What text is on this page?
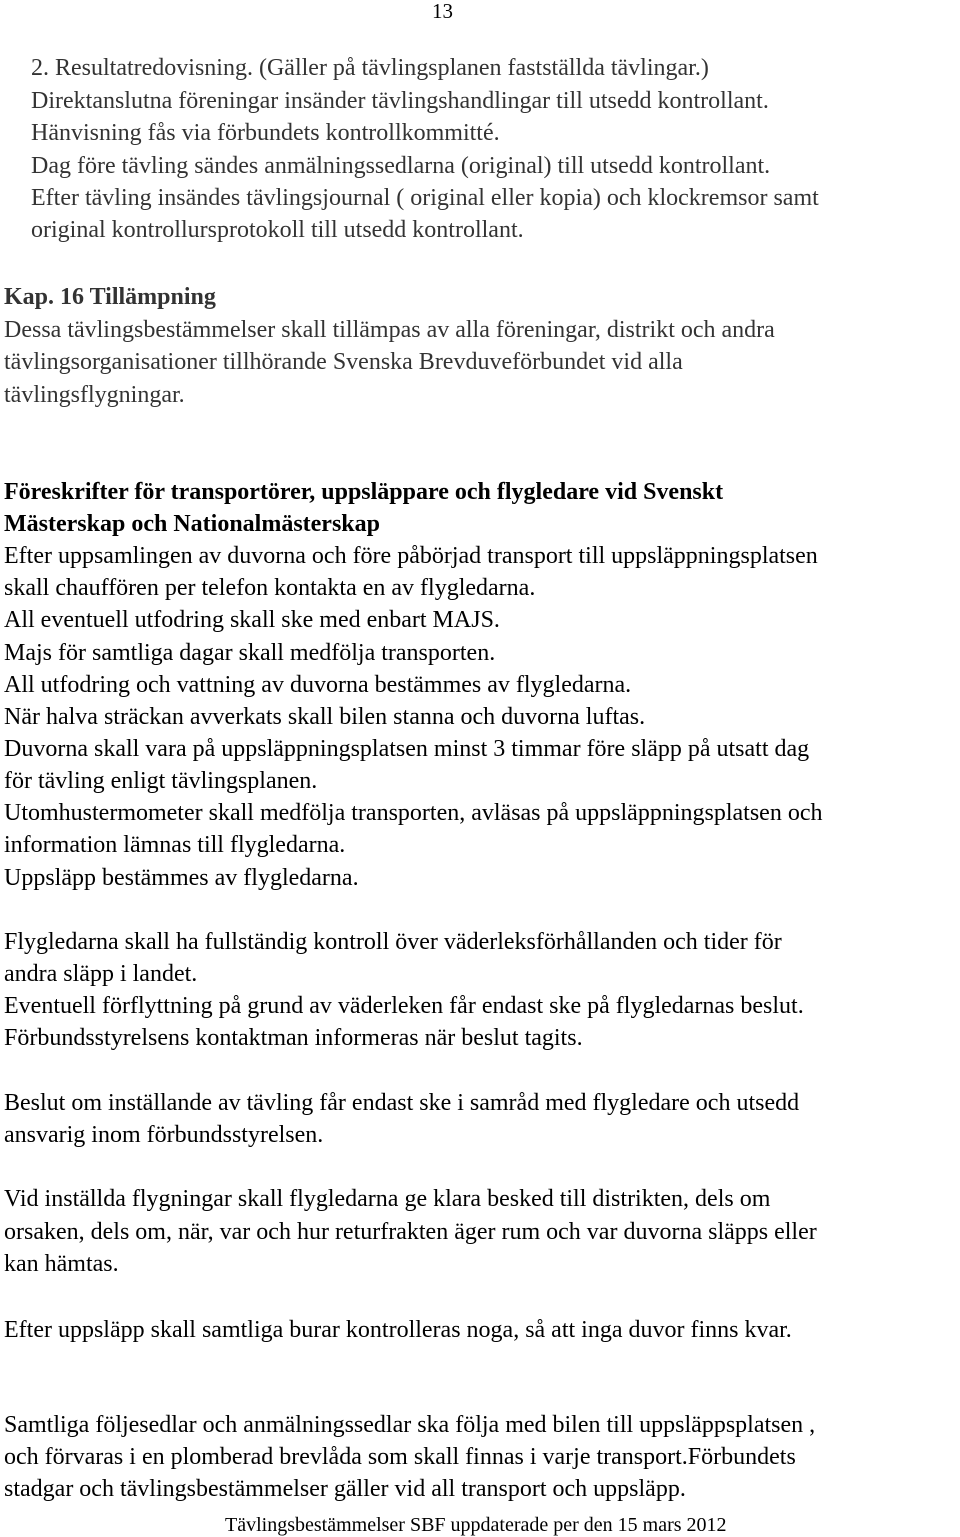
13
2. Resultatredovisning. (Gäller på tävlingsplanen fastställda tävlingar.)
Direktanslutna föreningar insänder tävlingshandlingar till utsedd kontrollant.
Hänvisning fås via förbundets kontrollkommitté.
Dag före tävling sändes anmälningssedlarna (original) till utsedd kontrollant.
Efter tävling insändes tävlingsjournal ( original eller kopia) och klockremsor samt
original kontrollursprotokoll till utsedd kontrollant.
Kap. 16 Tillämpning
Dessa tävlingsbestämmelser skall tillämpas av alla föreningar, distrikt och andra
tävlingsorganisationer tillhörande Svenska Brevduveförbundet vid alla
tävlingsflygningar.
Föreskrifter för transportörer, uppsläppare och flygledare vid Svenskt
Mästerskap och Nationalmästerskap
Efter uppsamlingen av duvorna och före påbörjad transport till uppsläppningsplatsen
skall chauffören per telefon kontakta en av flygledarna.
All eventuell utfodring skall ske med enbart MAJS.
Majs för samtliga dagar skall medfölja transporten.
All utfodring och vattning av duvorna bestämmes av flygledarna.
När halva sträckan avverkats skall bilen stanna och duvorna luftas.
Duvorna skall vara på uppsläppningsplatsen minst 3 timmar före släpp på utsatt dag
för tävling enligt tävlingsplanen.
Utomhustermometer skall medfölja transporten, avläsas på uppsläppningsplatsen och
information lämnas till flygledarna.
Uppsläpp bestämmes av flygledarna.
Flygledarna skall ha fullständig kontroll över väderleksförhållanden och tider för
andra släpp i landet.
Eventuell förflyttning på grund av väderleken får endast ske på flygledarnas beslut.
Förbundsstyrelsens kontaktman informeras när beslut tagits.
Beslut om inställande av tävling får endast ske i samråd med flygledare och utsedd
ansvarig inom förbundsstyrelsen.
Vid inställda flygningar skall flygledarna ge klara besked till distrikten, dels om
orsaken, dels om, när, var och hur returfrakten äger rum och var duvorna släpps eller
kan hämtas.
Efter uppsläpp skall samtliga burar kontrolleras noga, så att inga duvor finns kvar.
Samtliga följesedlar och anmälningssedlar ska följa med bilen till uppsläppsplatsen ,
och förvaras i en plomberad brevlåda som skall finnas i varje transport.Förbundets
stadgar och tävlingsbestämmelser gäller vid all transport och uppsläpp.
Tävlingsbestämmelser SBF uppdaterade per den 15 mars 2012
